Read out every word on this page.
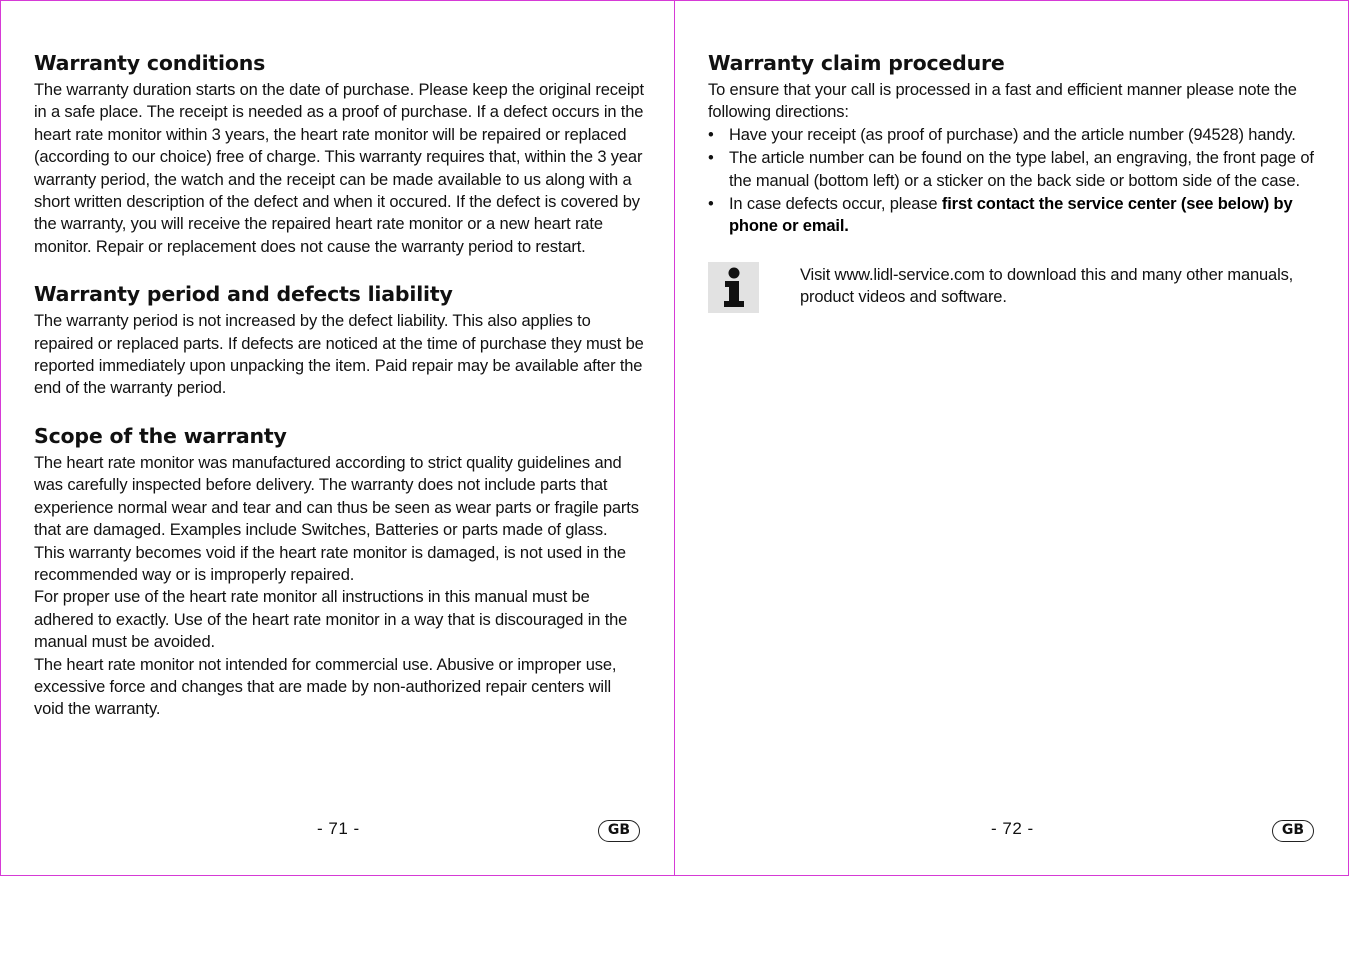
Warranty conditions

The warranty duration starts on the date of purchase. Please keep the original receipt in a safe place. The receipt is needed as a proof of purchase. If a defect occurs in the heart rate monitor within 3 years, the heart rate monitor will be repaired or replaced (according to our choice) free of charge. This warranty requires that, within the 3 year warranty period, the watch and the receipt can be made available to us along with a short written description of the defect and when it occured. If the defect is covered by the warranty, you will receive the repaired heart rate monitor or a new heart rate monitor. Repair or replacement does not cause the warranty period to restart.

Warranty period and defects liability

The warranty period is not increased by the defect liability. This also applies to repaired or replaced parts. If defects are noticed at the time of purchase they must be reported immediately upon unpacking the item. Paid repair may be available after the end of the warranty period.

Scope of the warranty

The heart rate monitor was manufactured according to strict quality guidelines and was carefully inspected before delivery. The warranty does not include parts that experience normal wear and tear and can thus be seen as wear parts or fragile parts that are damaged. Examples include Switches, Batteries or parts made of glass.

This warranty becomes void if the heart rate monitor is damaged, is not used in the recommended way or is improperly repaired.

For proper use of the heart rate monitor all instructions in this manual must be adhered to exactly. Use of the heart rate monitor in a way that is discouraged in the manual must be avoided.

The heart rate monitor not intended for commercial use. Abusive or improper use, excessive force and changes that are made by non-authorized repair centers will void the warranty.

- 71 -	GB
Warranty claim procedure

To ensure that your call is processed in a fast and efficient manner please note the following directions:

• Have your receipt (as proof of purchase) and the article number (94528) handy.
• The article number can be found on the type label, an engraving, the front page of the manual (bottom left) or a sticker on the back side or bottom side of the case.
• In case defects occur, please first contact the service center (see below) by phone or email.
Visit www.lidl-service.com to download this and many other manuals, product videos and software.
- 72 -	GB
